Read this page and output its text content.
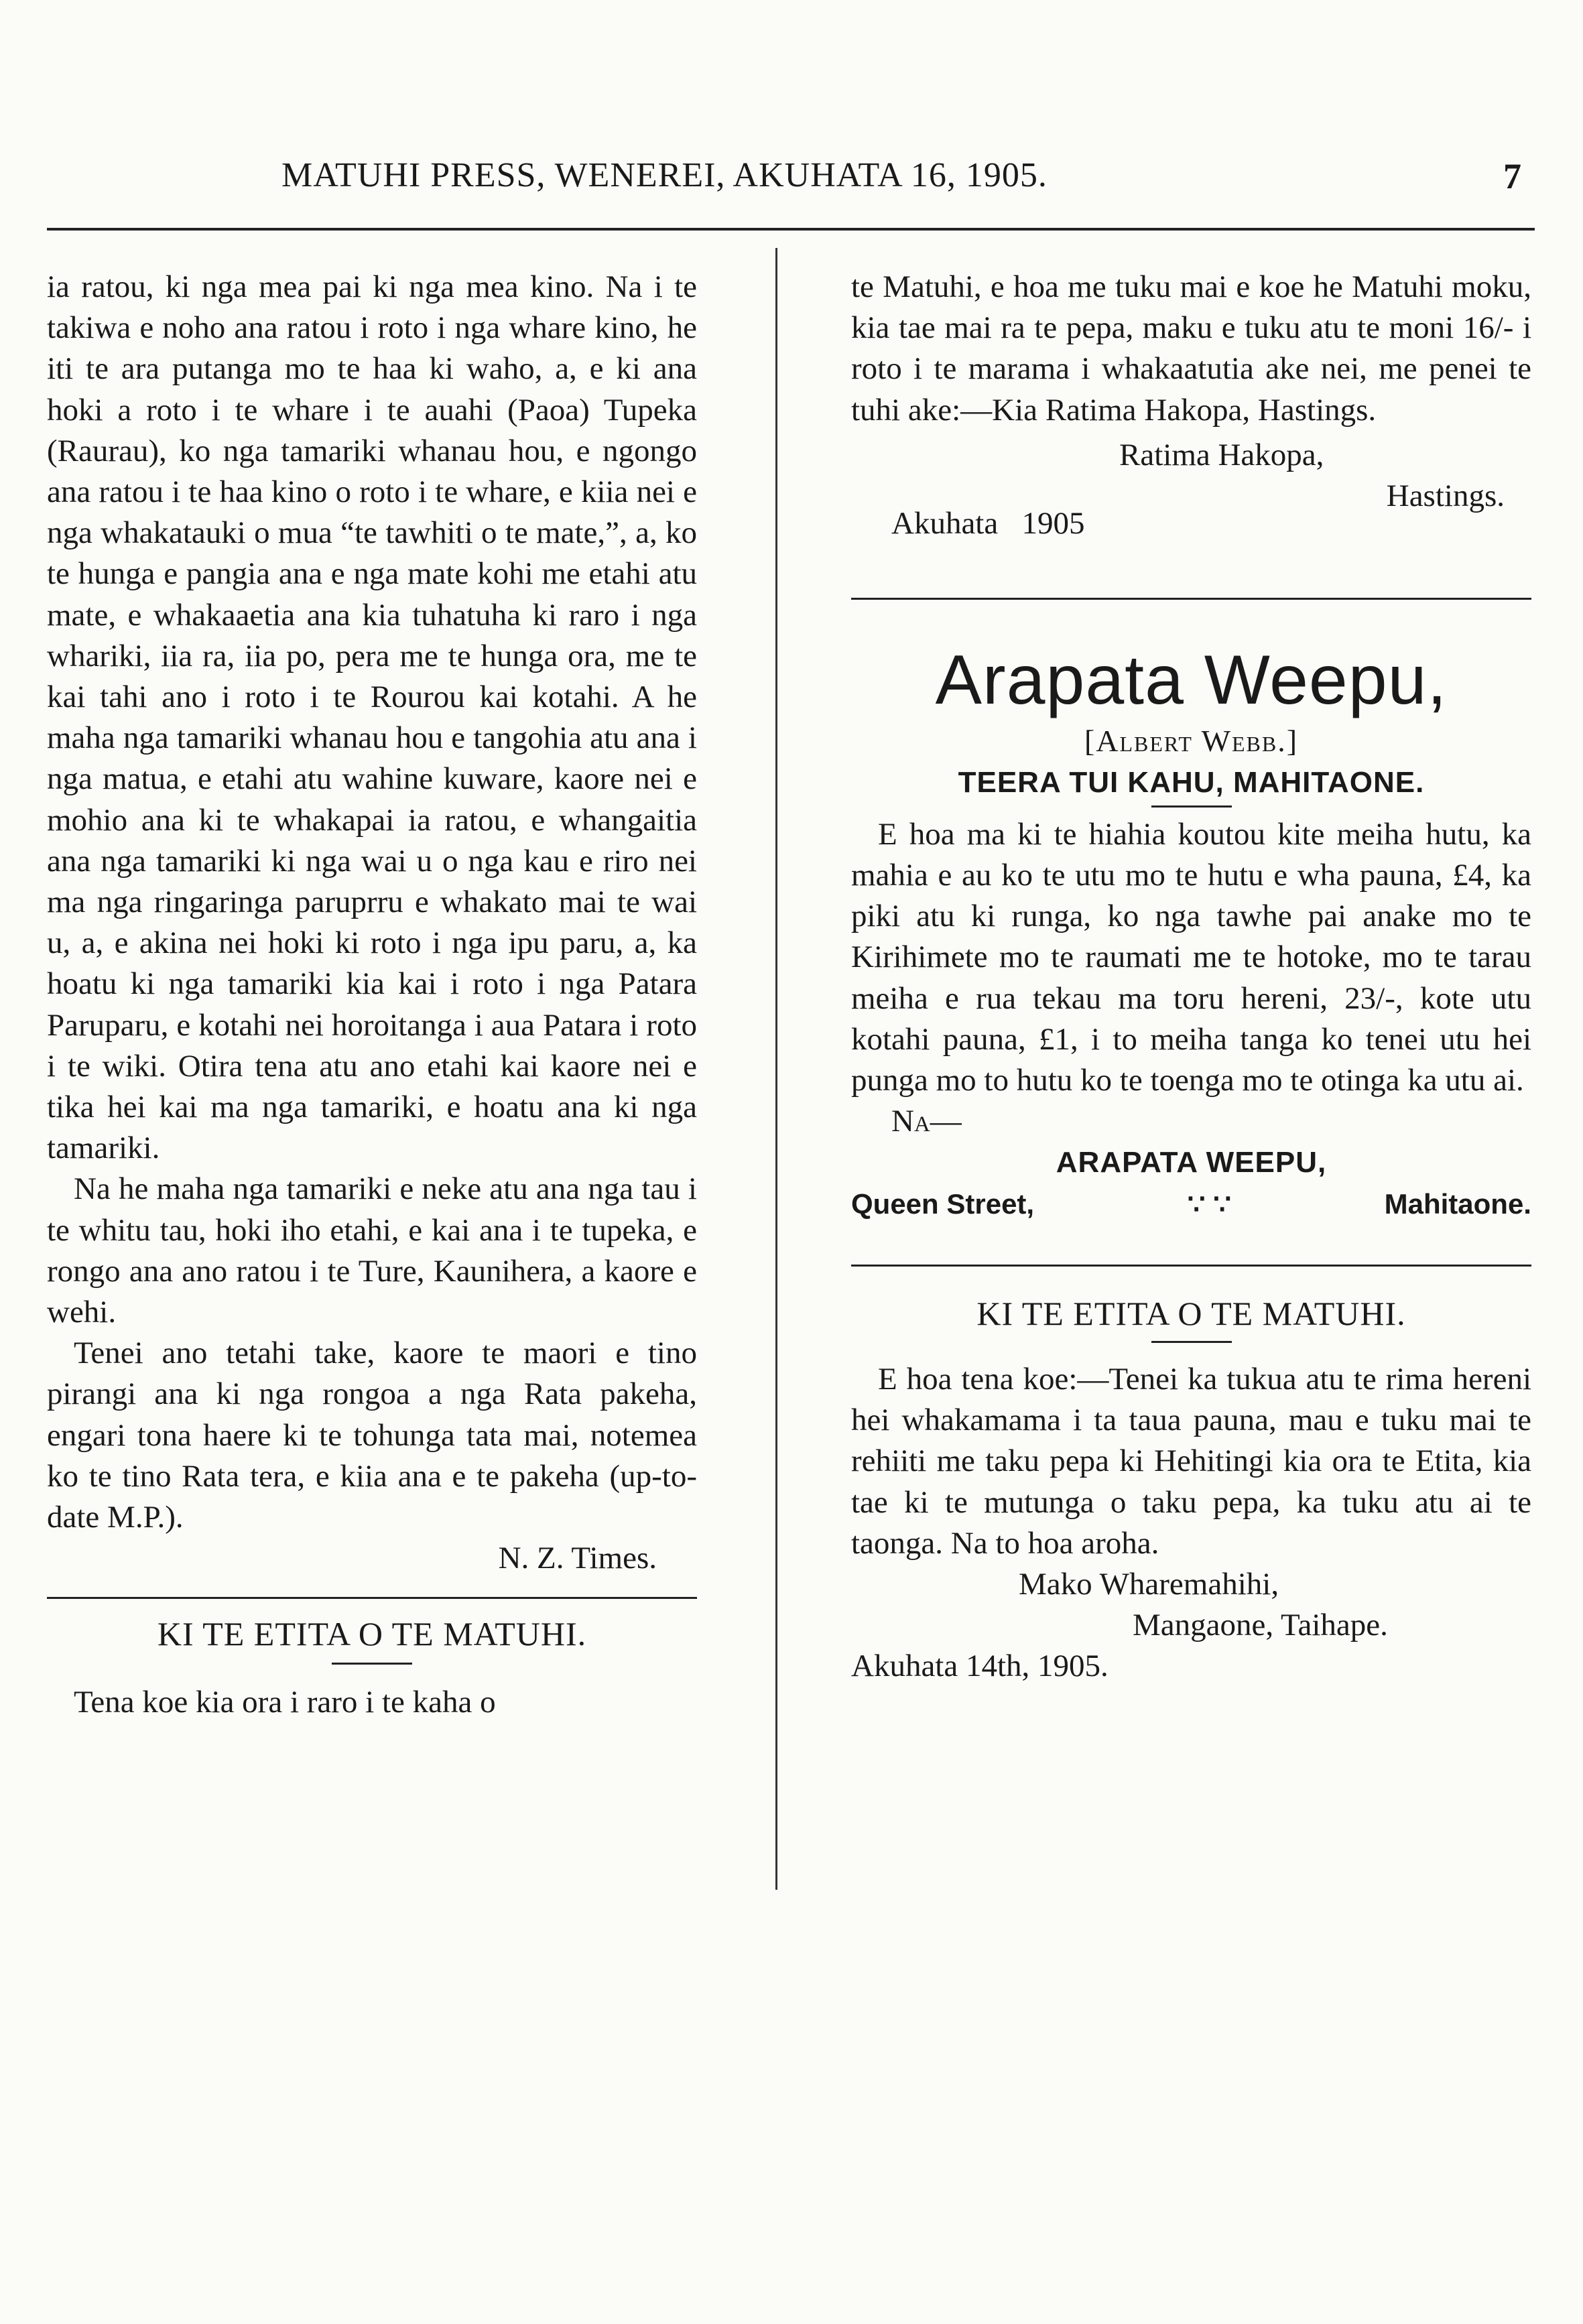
MATUHI PRESS, WENEREI, AKUHATA 16, 1905.	7

ia ratou, ki nga mea pai ki nga mea kino. Na i te takiwa e noho ana ratou i roto i nga whare kino, he iti te ara putanga mo te haa ki waho, a, e ki ana hoki a roto i te whare i te auahi (Paoa) Tupeka (Raurau), ko nga tamariki whanau hou, e ngongo ana ratou i te haa kino o roto i te whare, e kiia nei e nga whakatauki o mua “te tawhiti o te mate,”, a, ko te hunga e pangia ana e nga mate kohi me etahi atu mate, e whakaaetia ana kia tuhatuha ki raro i nga whariki, iia ra, iia po, pera me te hunga ora, me te kai tahi ano i roto i te Rourou kai kotahi. A he maha nga tamariki whanau hou e tangohia atu ana i nga matua, e etahi atu wahine kuware, kaore nei e mohio ana ki te whakapai ia ratou, e whangaitia ana nga tamariki ki nga wai u o nga kau e riro nei ma nga ringaringa paruprru e whakato mai te wai u, a, e akina nei hoki ki roto i nga ipu paru, a, ka hoatu ki nga tamariki kia kai i roto i nga Patara Paruparu, e kotahi nei horoitanga i aua Patara i roto i te wiki. Otira tena atu ano etahi kai kaore nei e tika hei kai ma nga tamariki, e hoatu ana ki nga tamariki.

Na he maha nga tamariki e neke atu ana nga tau i te whitu tau, hoki iho etahi, e kai ana i te tupeka, e rongo ana ano ratou i te Ture, Kaunihera, a kaore e wehi.

Tenei ano tetahi take, kaore te maori e tino pirangi ana ki nga rongoa a nga Rata pakeha, engari tona haere ki te tohunga tata mai, notemea ko te tino Rata tera, e kiia ana e te pakeha (up-to-date M.P.).

N. Z. Times.

KI TE ETITA O TE MATUHI.

Tena koe kia ora i raro i te kaha o

te Matuhi, e hoa me tuku mai e koe he Matuhi moku, kia tae mai ra te pepa, maku e tuku atu te moni 16/- i roto i te marama i whakaatutia ake nei, me penei te tuhi ake:—Kia Ratima Hakopa, Hastings.

Ratima Hakopa,

Hastings.

Akuhata 1905

Arapata Weepu,

[Albert Webb.]

TEERA TUI KAHU, MAHITAONE.

E hoa ma ki te hiahia koutou kite meiha hutu, ka mahia e au ko te utu mo te hutu e wha pauna, £4, ka piki atu ki runga, ko nga tawhe pai anake mo te Kirihimete mo te raumati me te hotoke, mo te tarau meiha e rua tekau ma toru hereni, 23/-, kote utu kotahi pauna, £1, i to meiha tanga ko tenei utu hei punga mo to hutu ko te toenga mo te otinga ka utu ai.

Na—

ARAPATA WEEPU,

Queen Street,	∵ ∵	Mahitaone.

KI TE ETITA O TE MATUHI.

E hoa tena koe:—Tenei ka tukua atu te rima hereni hei whakamama i ta taua pauna, mau e tuku mai te rehiiti me taku pepa ki Hehitingi kia ora te Etita, kia tae ki te mutunga o taku pepa, ka tuku atu ai te taonga. Na to hoa aroha.

Mako Wharemahihi,

Mangaone, Taihape.

Akuhata 14th, 1905.
